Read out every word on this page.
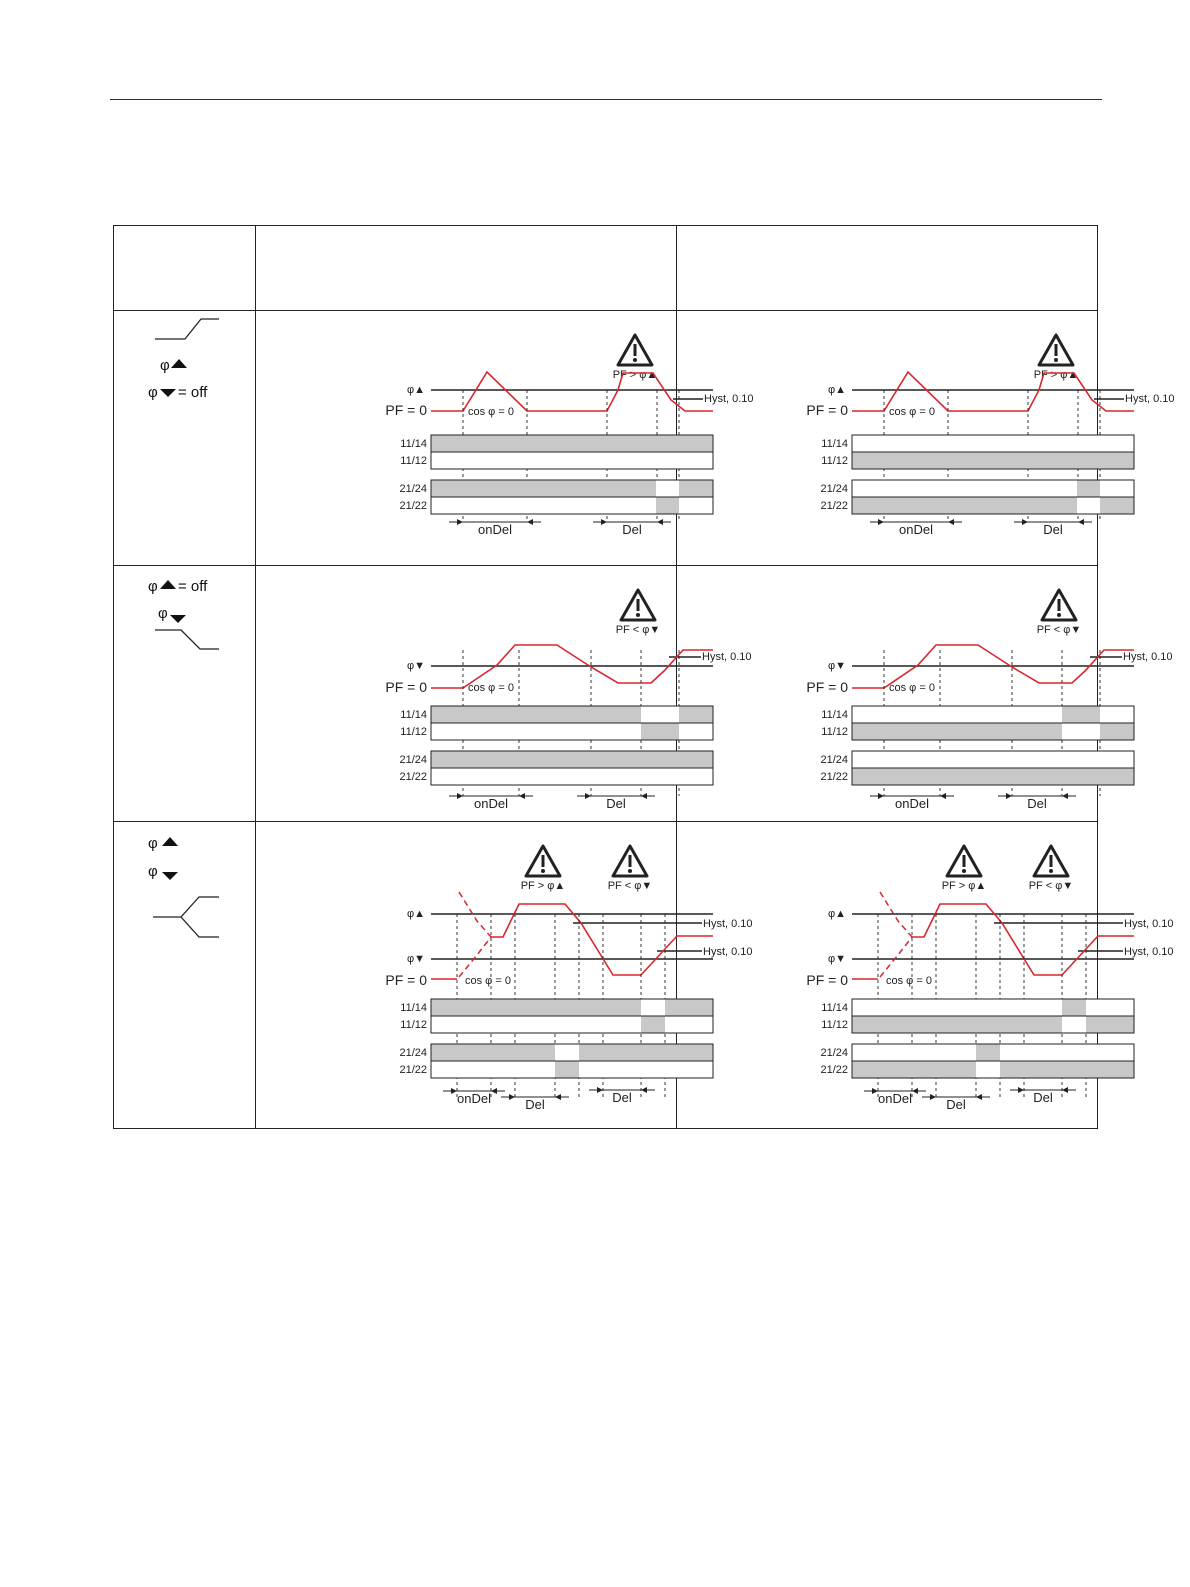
φ
φ = off
φ = off
φ
φ
φ
PF > φ▲
φ▲
Hyst, 0.10
PF = 0	cos φ = 0
11/14
11/12
21/24
21/22
onDel	Del
PF > φ▲
φ▲
Hyst, 0.10
PF = 0	cos φ = 0
11/14
11/12
21/24
21/22
onDel	Del
PF < φ▼
φ▼
Hyst, 0.10
PF = 0	cos φ = 0
11/14
11/12
21/24
21/22
onDel	Del
PF < φ▼
φ▼
Hyst, 0.10
PF = 0	cos φ = 0
11/14
11/12
21/24
21/22
onDel	Del
PF > φ▲	PF < φ▼
φ▲
Hyst, 0.10
φ▼
Hyst, 0.10
PF = 0	cos φ = 0
11/14
11/12
21/24
21/22
onDel	Del	Del
PF > φ▲	PF < φ▼
φ▲
Hyst, 0.10
φ▼
Hyst, 0.10
PF = 0	cos φ = 0
11/14
11/12
21/24
21/22
onDel	Del	Del
